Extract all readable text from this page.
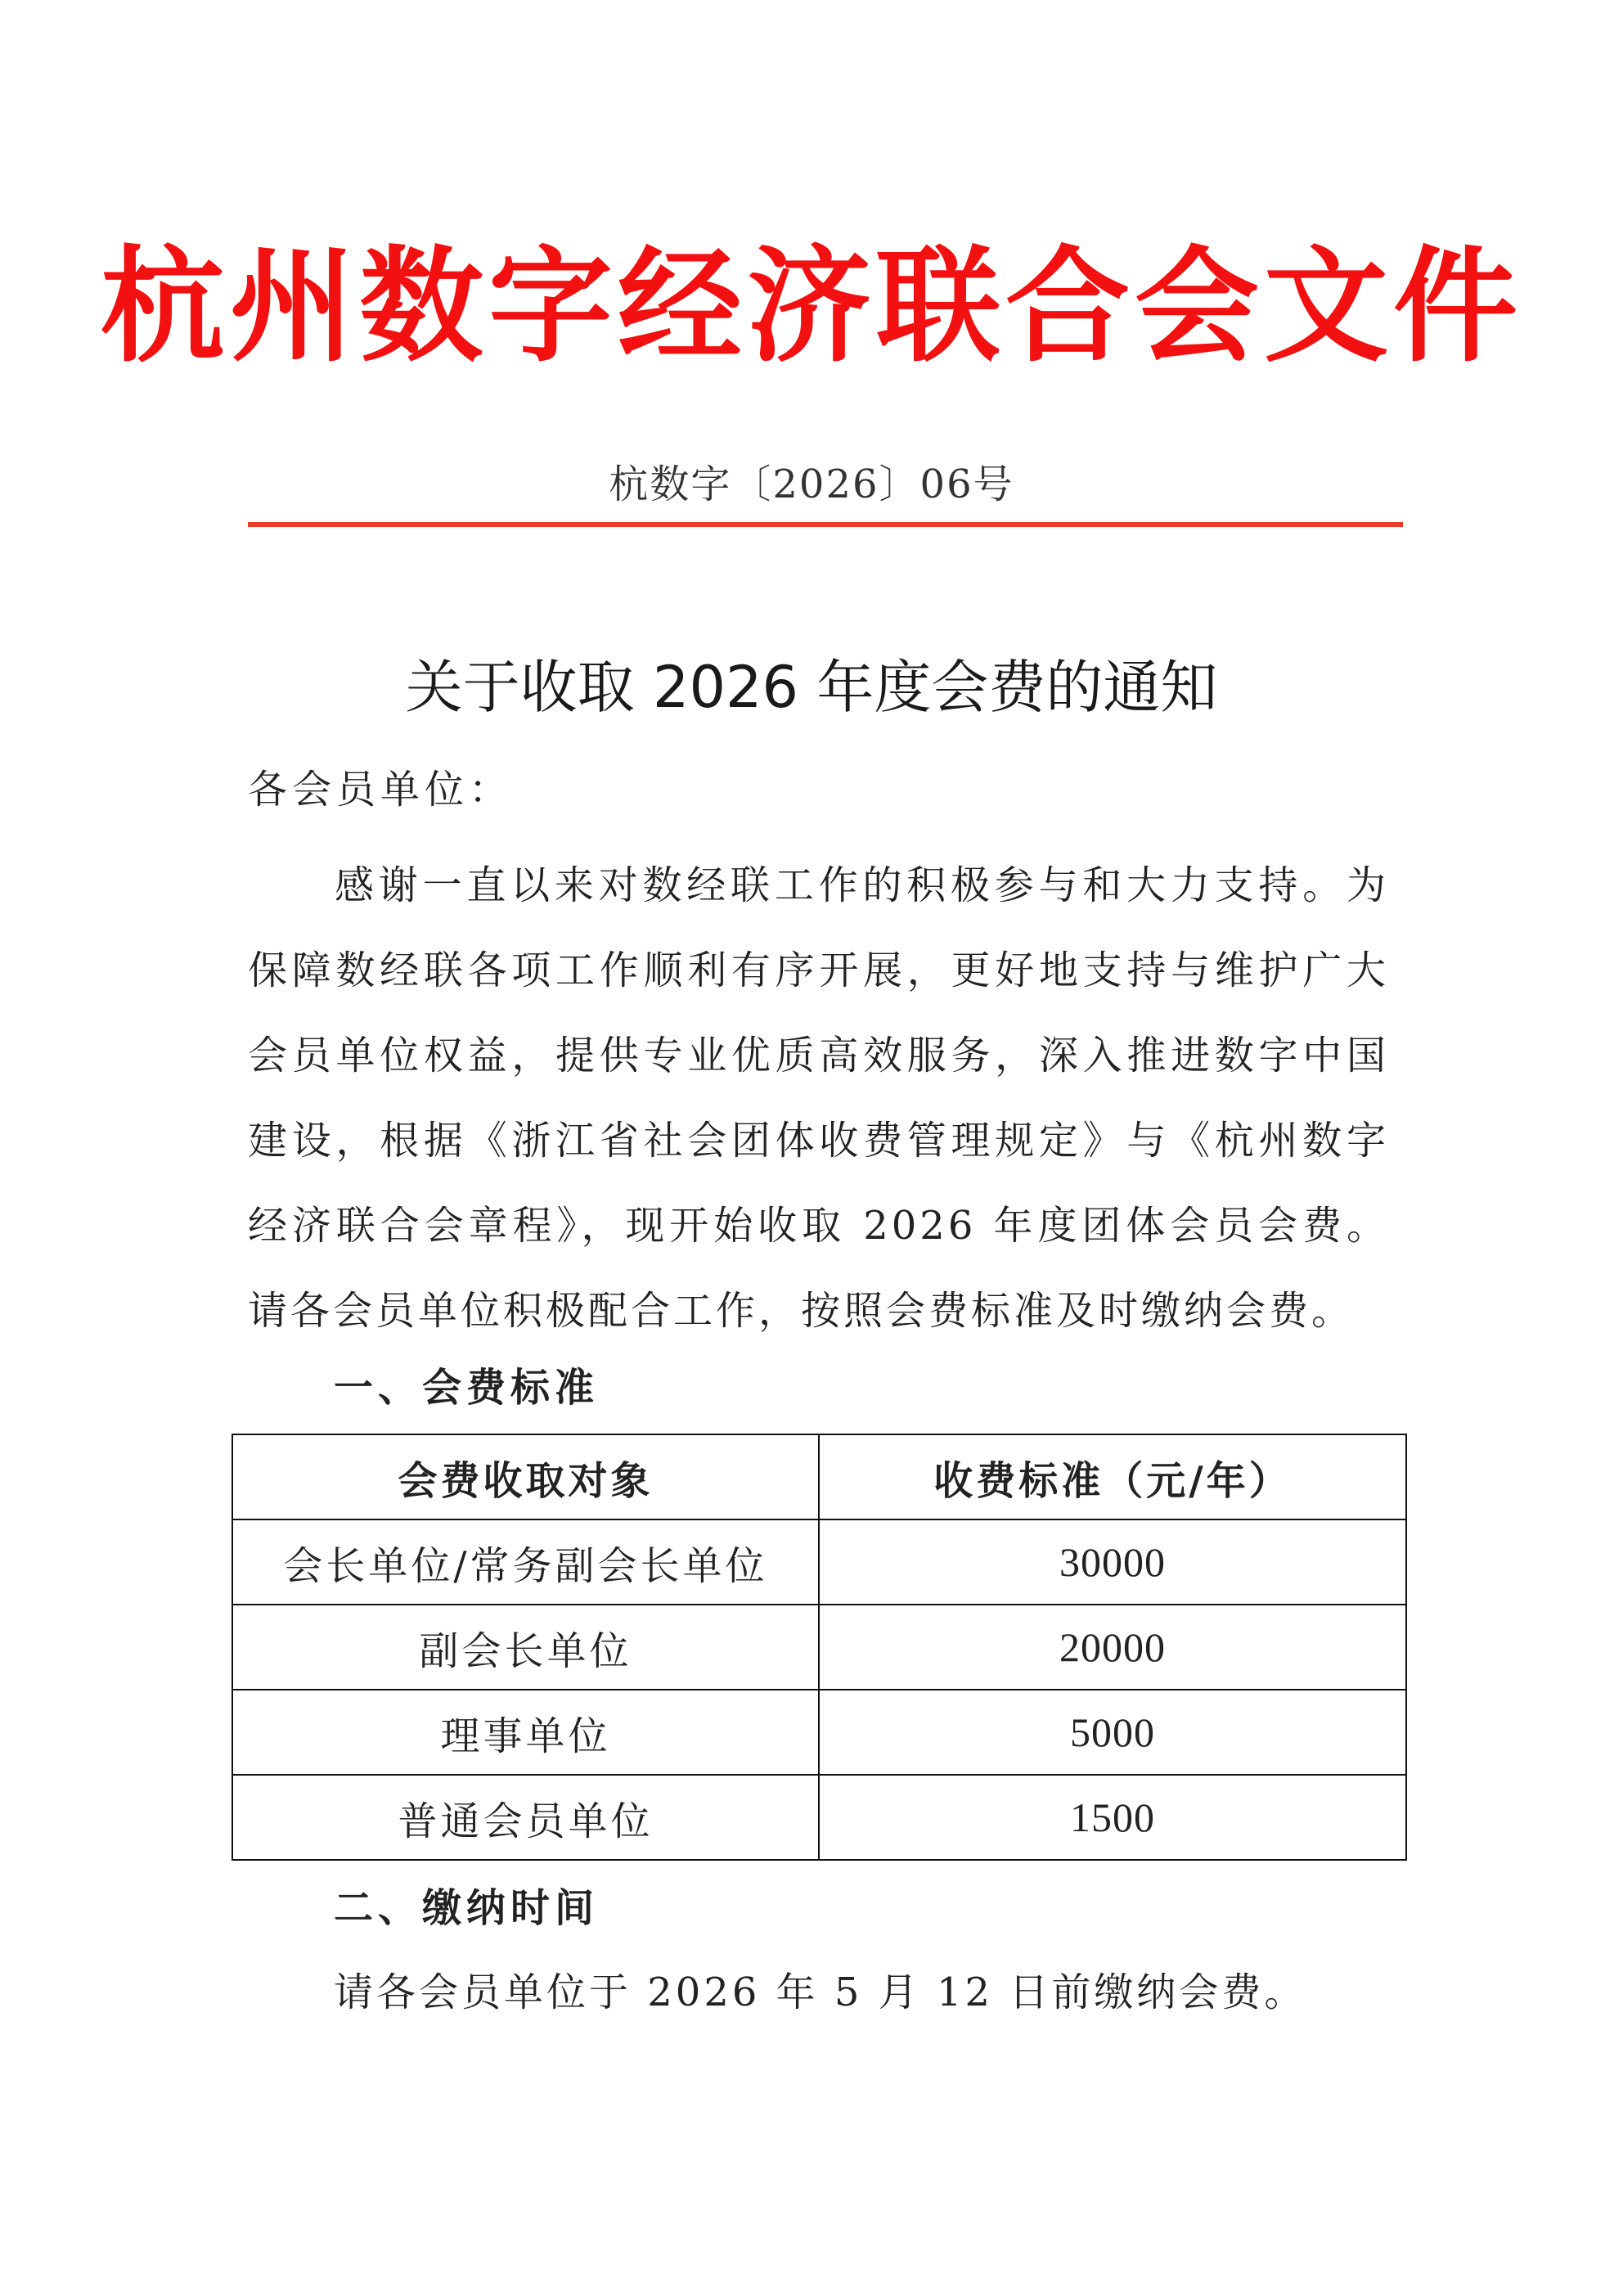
杭州数字经济联合会文件
杭数字〔2026〕06号
关于收取 2026 年度会费的通知
各会员单位：
感谢一直以来对数经联工作的积极参与和大力支持。为保障数经联各项工作顺利有序开展，更好地支持与维护广大会员单位权益，提供专业优质高效服务，深入推进数字中国建设，根据《浙江省社会团体收费管理规定》与《杭州数字经济联合会章程》，现开始收取 2026 年度团体会员会费。请各会员单位积极配合工作，按照会费标准及时缴纳会费。
一、会费标准
会费收取对象	收费标准（元/年）
会长单位/常务副会长单位	30000
副会长单位	20000
理事单位	5000
普通会员单位	1500
二、缴纳时间
请各会员单位于 2026 年 5 月 12 日前缴纳会费。
